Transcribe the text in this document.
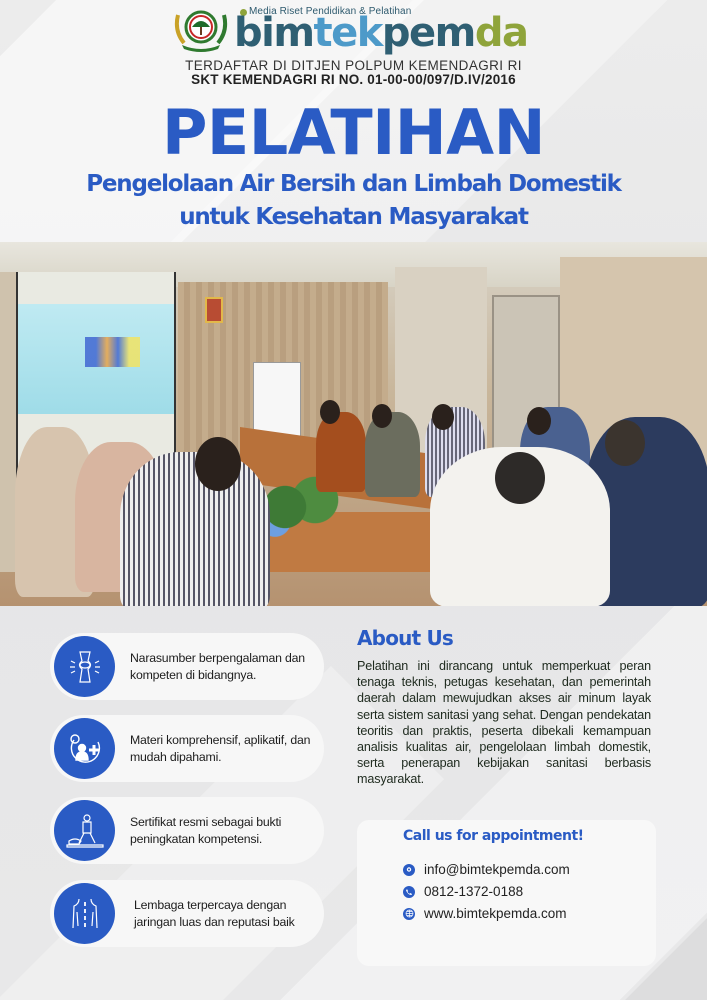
Media Riset Pendidikan & Pelatihan
bimtekpemda
TERDAFTAR DI DITJEN POLPUM KEMENDAGRI RI
SKT KEMENDAGRI RI NO. 01-00-00/097/D.IV/2016
PELATIHAN
Pengelolaan Air Bersih dan Limbah Domestik
untuk Kesehatan Masyarakat
Narasumber berpengalaman dan kompeten di bidangnya.
Materi komprehensif, aplikatif, dan mudah dipahami.
Sertifikat resmi sebagai bukti peningkatan kompetensi.
Lembaga terpercaya dengan jaringan luas dan reputasi baik
About Us
Pelatihan ini dirancang untuk memperkuat peran tenaga teknis, petugas kesehatan, dan pemerintah daerah dalam mewujudkan akses air minum layak serta sistem sanitasi yang sehat. Dengan pendekatan teoritis dan praktis, peserta dibekali kemampuan analisis kualitas air, pengelolaan limbah domestik, serta penerapan kebijakan sanitasi berbasis masyarakat.
Call us for appointment!
info@bimtekpemda.com
0812-1372-0188
www.bimtekpemda.com
